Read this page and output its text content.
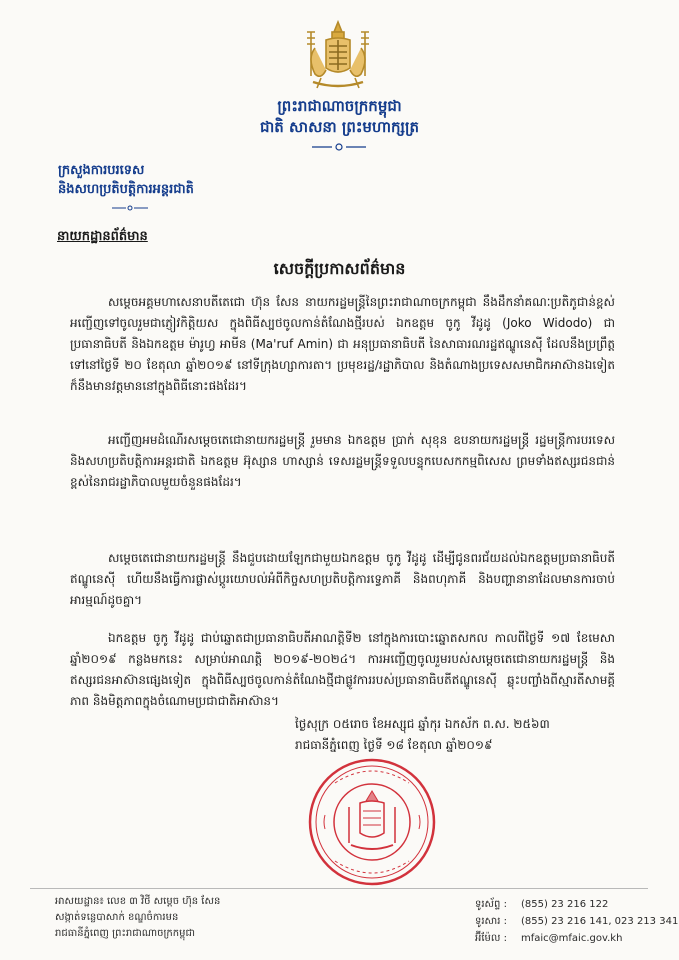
ព្រះរាជាណាចក្រកម្ពុជា
ជាតិ សាសនា ព្រះមហាក្សត្រ
ក្រសួងការបរទេស
និងសហប្រតិបត្តិការអន្តរជាតិ
នាយកដ្ឋានព័ត៌មាន
សេចក្តីប្រកាសព័ត៌មាន
សម្តេចអគ្គមហាសេនាបតីតេជោ ហ៊ុន សែន នាយករដ្ឋមន្ត្រីនៃព្រះរាជាណាចក្រកម្ពុជា នឹងដឹកនាំគណៈប្រតិភូជាន់ខ្ពស់អញ្ជើញទៅចូលរួមជាភ្ញៀវកិត្តិយស ក្នុងពិធីស្បថចូលកាន់តំណែងថ្មីរបស់ ឯកឧត្តម ចូកូ វីដូដូ (Joko Widodo) ជា ប្រធានាធិបតី និងឯកឧត្តម ម៉ារូហ្វ អាមីន (Ma'ruf Amin) ជា អនុប្រធានាធិបតី នៃសាធារណរដ្ឋឥណ្ឌូនេស៊ី ដែលនឹងប្រព្រឹត្តទៅនៅថ្ងៃទី ២០ ខែតុលា ឆ្នាំ២០១៩ នៅទីក្រុងហ្សាការតា។ ប្រមុខរដ្ឋ/រដ្ឋាភិបាល និងតំណាងប្រទេសសមាជិកអាស៊ានឯទៀត ក៏នឹងមានវត្តមាននៅក្នុងពិធីនោះផងដែរ។
អញ្ជើញអមដំណើរសម្តេចតេជោនាយករដ្ឋមន្ត្រី រួមមាន ឯកឧត្តម ប្រាក់ សុខុន ឧបនាយករដ្ឋមន្ត្រី រដ្ឋមន្ត្រីការបរទេសនិងសហប្រតិបត្តិការអន្តរជាតិ ឯកឧត្តម អ៊ុស្សាន ហាស្សាន់ ទេសរដ្ឋមន្ត្រីទទួលបន្ទុកបេសកកម្មពិសេស ព្រមទាំងឥស្សរជនជាន់ខ្ពស់នៃរាជរដ្ឋាភិបាលមួយចំនួនផងដែរ។
សម្តេចតេជោនាយករដ្ឋមន្ត្រី នឹងជួបដោយឡែកជាមួយឯកឧត្តម ចូកូ វីដូដូ ដើម្បីជូនពរជ័យដល់ឯកឧត្តមប្រធានាធិបតីឥណ្ឌូនេស៊ី ហើយនឹងធ្វើការផ្លាស់ប្តូរយោបល់អំពីកិច្ចសហប្រតិបត្តិការទ្វេភាគី និងពហុភាគី និងបញ្ហានានាដែលមានការចាប់អារម្មណ៍ដូចគ្នា។
ឯកឧត្តម ចូកូ វីដូដូ ជាប់ឆ្នោតជាប្រធានាធិបតីអាណត្តិទី២ នៅក្នុងការបោះឆ្នោតសកល កាលពីថ្ងៃទី ១៧ ខែមេសា ឆ្នាំ២០១៩ កន្លងមកនេះ សម្រាប់អាណត្តិ ២០១៩-២០២៤។ ការអញ្ជើញចូលរួមរបស់សម្តេចតេជោនាយករដ្ឋមន្ត្រី និងឥស្សរជនអាស៊ានផ្សេងទៀត ក្នុងពិធីស្បថចូលកាន់តំណែងថ្មីជាផ្លូវការរបស់ប្រធានាធិបតីឥណ្ឌូនេស៊ី ឆ្លុះបញ្ចាំងពីស្មារតីសាមគ្គីភាព និងមិត្តភាពក្នុងចំណោមប្រជាជាតិអាស៊ាន។
ថ្ងៃសុក្រ ០៥រោច ខែអស្សុជ ឆ្នាំកុរ ឯកស័ក ព.ស. ២៥៦៣
រាជធានីភ្នំពេញ ថ្ងៃទី ១៨ ខែតុលា ឆ្នាំ២០១៩
អាសយដ្ឋាន៖ លេខ ៣ វិថី សម្តេច ហ៊ុន សែន
សង្កាត់ទន្លេបាសាក់ ខណ្ឌចំការមន
រាជធានីភ្នំពេញ ព្រះរាជាណាចក្រកម្ពុជា
ទូរស័ព្ទ : (855) 23 216 122
ទូរសារ : (855) 23 216 141, 023 213 341
អ៊ីម៉ែល : mfaic@mfaic.gov.kh
